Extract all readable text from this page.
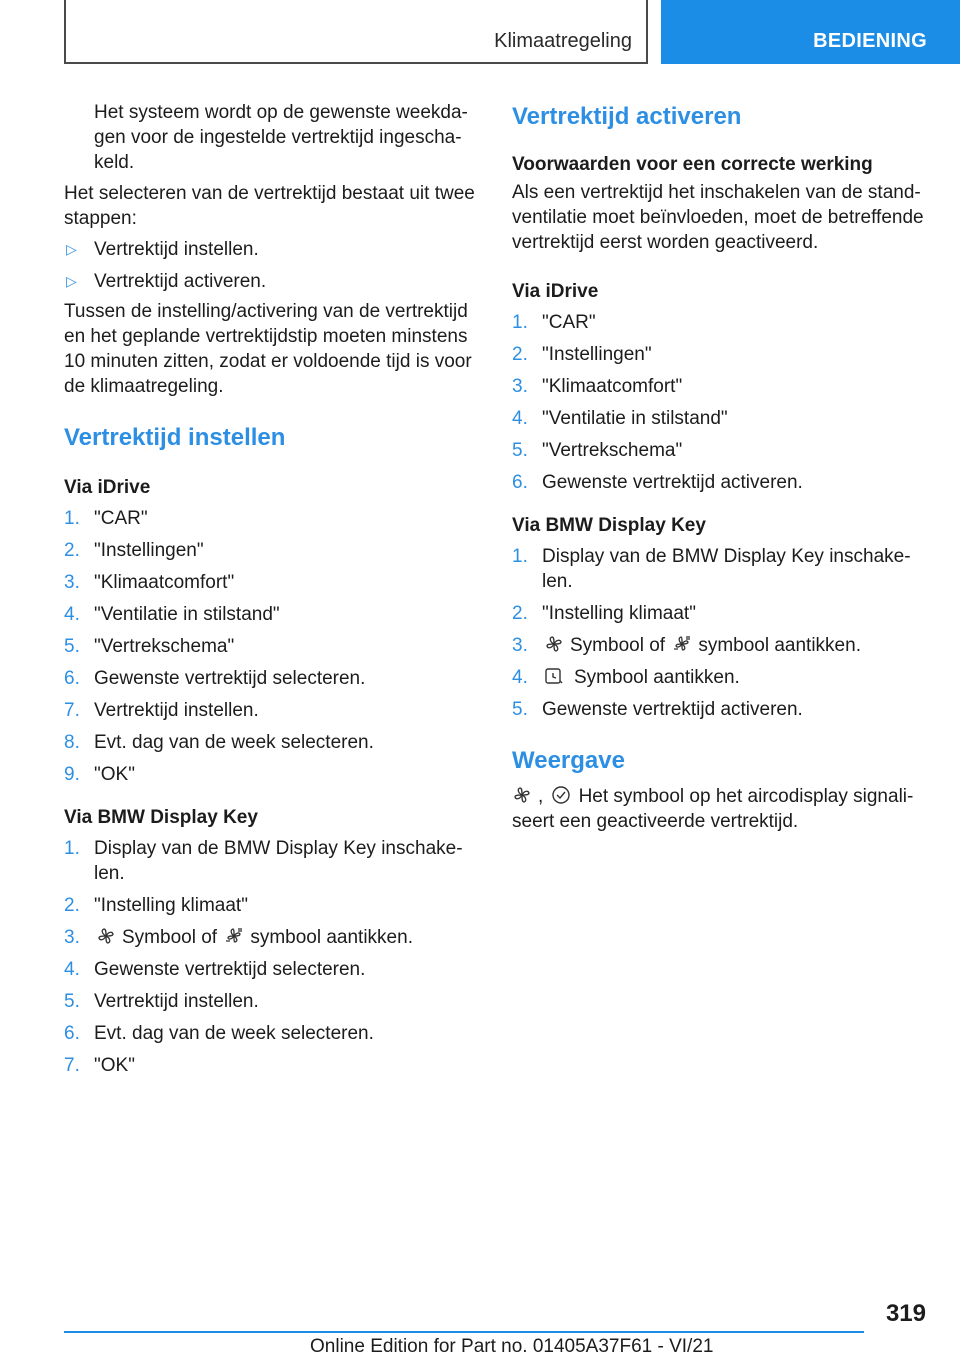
Klimaatregeling	BEDIENING

Het systeem wordt op de gewenste weekdagen voor de ingestelde vertrektijd ingeschakeld.

Het selecteren van de vertrektijd bestaat uit twee stappen:

▷ Vertrektijd instellen.
▷ Vertrektijd activeren.

Tussen de instelling/activering van de vertrektijd en het geplande vertrektijdstip moeten minstens 10 minuten zitten, zodat er voldoende tijd is voor de klimaatregeling.

Vertrektijd instellen
Via iDrive
1. "CAR"
2. "Instellingen"
3. "Klimaatcomfort"
4. "Ventilatie in stilstand"
5. "Vertrekschema"
6. Gewenste vertrektijd selecteren.
7. Vertrektijd instellen.
8. Evt. dag van de week selecteren.
9. "OK"
Via BMW Display Key
1. Display van de BMW Display Key inschakelen.
2. "Instelling klimaat"
3. Symbool of symbool aantikken.
4. Gewenste vertrektijd selecteren.
5. Vertrektijd instellen.
6. Evt. dag van de week selecteren.
7. "OK"
Vertrektijd activeren
Voorwaarden voor een correcte werking

Als een vertrektijd het inschakelen van de standventilatie moet beïnvloeden, moet de betreffende vertrektijd eerst worden geactiveerd.

Via iDrive
1. "CAR"
2. "Instellingen"
3. "Klimaatcomfort"
4. "Ventilatie in stilstand"
5. "Vertrekschema"
6. Gewenste vertrektijd activeren.
Via BMW Display Key
1. Display van de BMW Display Key inschakelen.
2. "Instelling klimaat"
3. Symbool of symbool aantikken.
4. Symbool aantikken.
5. Gewenste vertrektijd activeren.
Weergave

, Het symbool op het aircodisplay signaliseert een geactiveerde vertrektijd.

319
Online Edition for Part no. 01405A37F61 - VI/21
